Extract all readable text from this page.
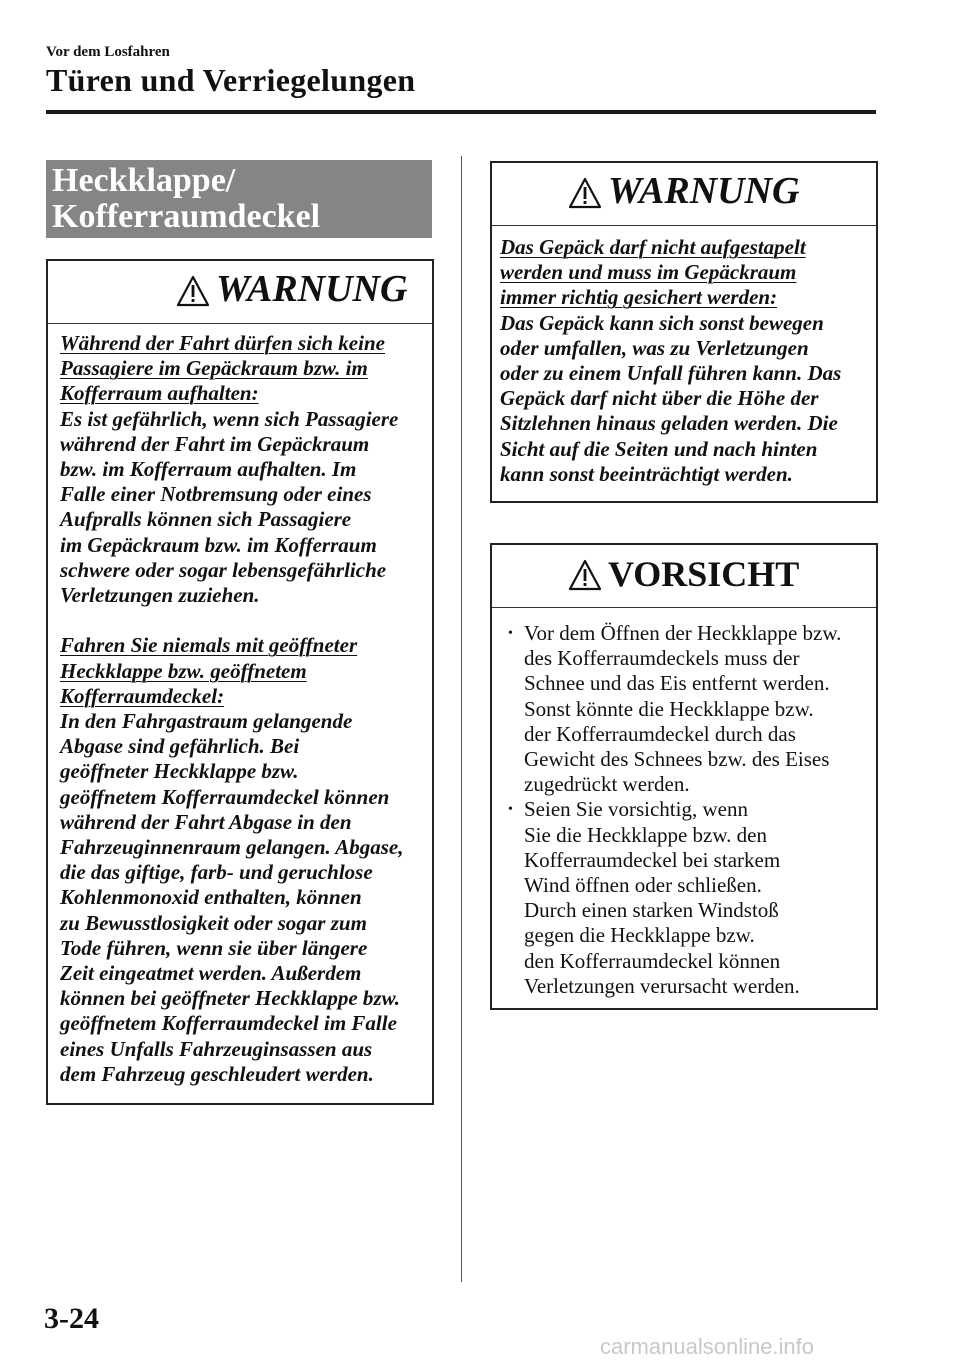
Vor dem Losfahren
Türen und Verriegelungen
Heckklappe/
Kofferraumdeckel
WARNUNG
Während der Fahrt dürfen sich keine
Passagiere im Gepäckraum bzw. im
Kofferraum aufhalten:
Es ist gefährlich, wenn sich Passagiere
während der Fahrt im Gepäckraum
bzw. im Kofferraum aufhalten. Im
Falle einer Notbremsung oder eines
Aufpralls können sich Passagiere
im Gepäckraum bzw. im Kofferraum
schwere oder sogar lebensgefährliche
Verletzungen zuziehen.
Fahren Sie niemals mit geöffneter
Heckklappe bzw. geöffnetem
Kofferraumdeckel:
In den Fahrgastraum gelangende
Abgase sind gefährlich. Bei
geöffneter Heckklappe bzw.
geöffnetem Kofferraumdeckel können
während der Fahrt Abgase in den
Fahrzeuginnenraum gelangen. Abgase,
die das giftige, farb- und geruchlose
Kohlenmonoxid enthalten, können
zu Bewusstlosigkeit oder sogar zum
Tode führen, wenn sie über längere
Zeit eingeatmet werden. Außerdem
können bei geöffneter Heckklappe bzw.
geöffnetem Kofferraumdeckel im Falle
eines Unfalls Fahrzeuginsassen aus
dem Fahrzeug geschleudert werden.
WARNUNG
Das Gepäck darf nicht aufgestapelt
werden und muss im Gepäckraum
immer richtig gesichert werden:
Das Gepäck kann sich sonst bewegen
oder umfallen, was zu Verletzungen
oder zu einem Unfall führen kann. Das
Gepäck darf nicht über die Höhe der
Sitzlehnen hinaus geladen werden. Die
Sicht auf die Seiten und nach hinten
kann sonst beeinträchtigt werden.
VORSICHT
• Vor dem Öffnen der Heckklappe bzw.
des Kofferraumdeckels muss der
Schnee und das Eis entfernt werden.
Sonst könnte die Heckklappe bzw.
der Kofferraumdeckel durch das
Gewicht des Schnees bzw. des Eises
zugedrückt werden.
• Seien Sie vorsichtig, wenn
Sie die Heckklappe bzw. den
Kofferraumdeckel bei starkem
Wind öffnen oder schließen.
Durch einen starken Windstoß
gegen die Heckklappe bzw.
den Kofferraumdeckel können
Verletzungen verursacht werden.
3-24
carmanualsonline.info
